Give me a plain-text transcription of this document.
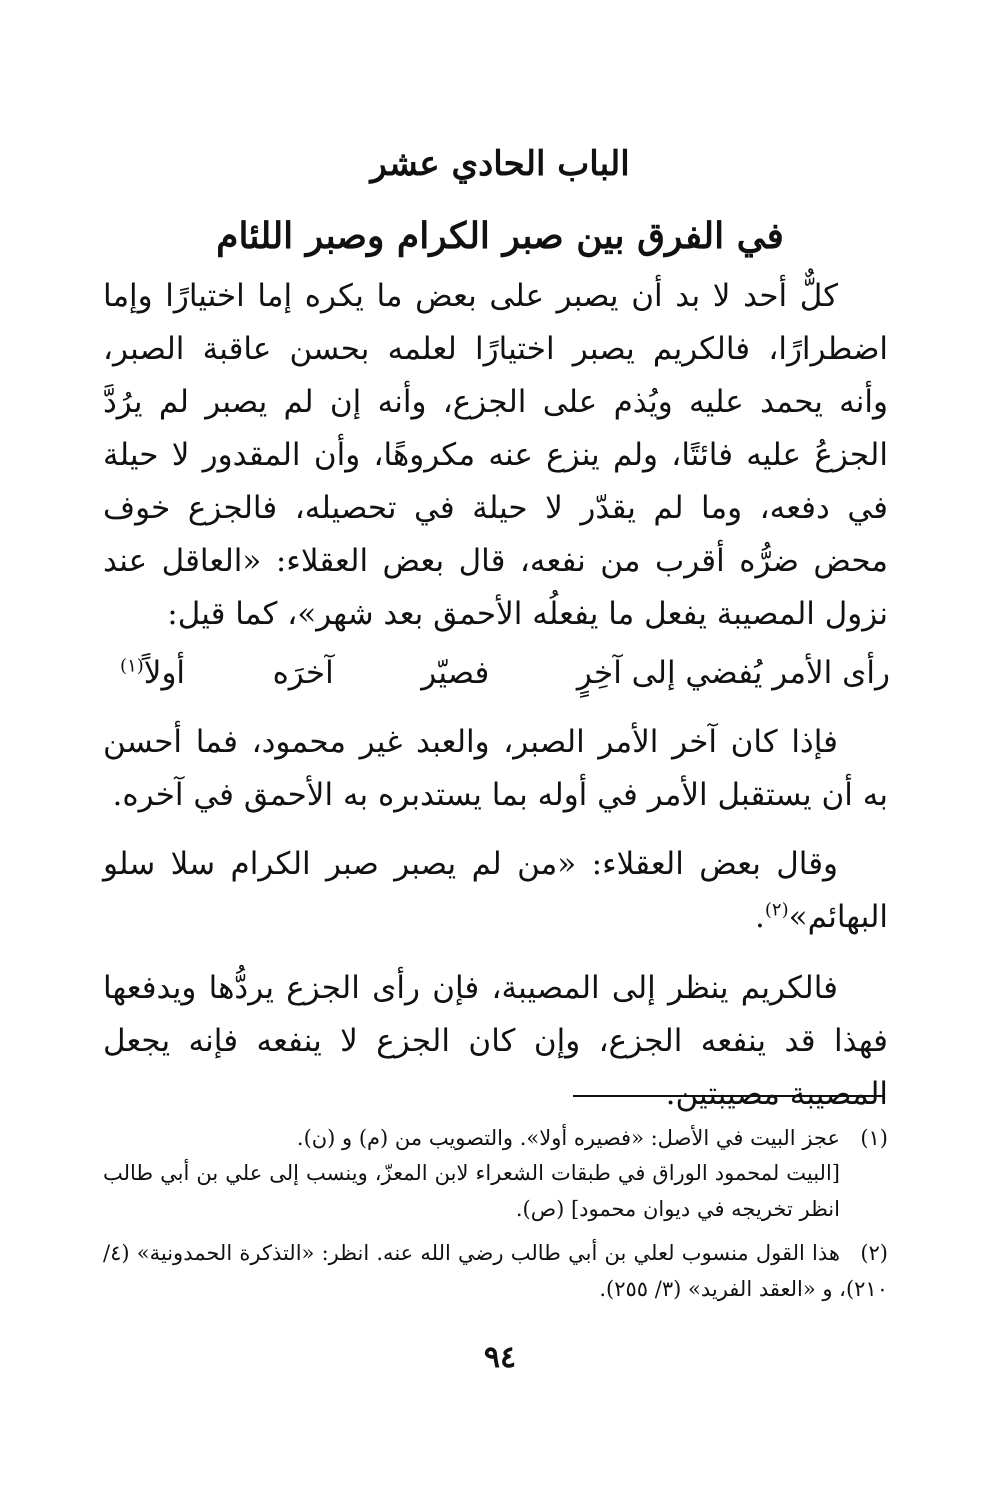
الباب الحادي عشر
في الفرق بين صبر الكرام وصبر اللئام
كلٌّ أحد لا بد أن يصبر على بعض ما يكره إما اختيارًا وإما اضطرارًا، فالكريم يصبر اختيارًا لعلمه بحسن عاقبة الصبر، وأنه يحمد عليه ويُذم على الجزع، وأنه إن لم يصبر لم يرُدَّ الجزعُ عليه فائتًا، ولم ينزع عنه مكروهًا، وأن المقدور لا حيلة في دفعه، وما لم يقدّر لا حيلة في تحصيله، فالجزع خوف محض ضرُّه أقرب من نفعه، قال بعض العقلاء: «العاقل عند نزول المصيبة يفعل ما يفعلُه الأحمق بعد شهر»، كما قيل:
رأى الأمر يُفضي إلى آخِرٍ
فصيّر
آخرَه
أولاً$^{(١)}$
فإذا كان آخر الأمر الصبر، والعبد غير محمود، فما أحسن به أن يستقبل الأمر في أوله بما يستدبره به الأحمق في آخره.
وقال بعض العقلاء: «من لم يصبر صبر الكرام سلا سلو البهائم»$^{(٢)}$.
فالكريم ينظر إلى المصيبة، فإن رأى الجزع يردُّها ويدفعها فهذا قد ينفعه الجزع، وإن كان الجزع لا ينفعه فإنه يجعل المصيبة مصيبتين.
(١)عجز البيت في الأصل: «فصيره أولا». والتصويب من (م) و (ن).
[البيت لمحمود الوراق في طبقات الشعراء لابن المعزّ، وينسب إلى علي بن أبي طالب انظر تخريجه في ديوان محمود] (ص).
(٢)هذا القول منسوب لعلي بن أبي طالب رضي الله عنه. انظر: «التذكرة الحمدونية» (٤/ ٢١٠)، و «العقد الفريد» (٣/ ٢٥٥).
٩٤
